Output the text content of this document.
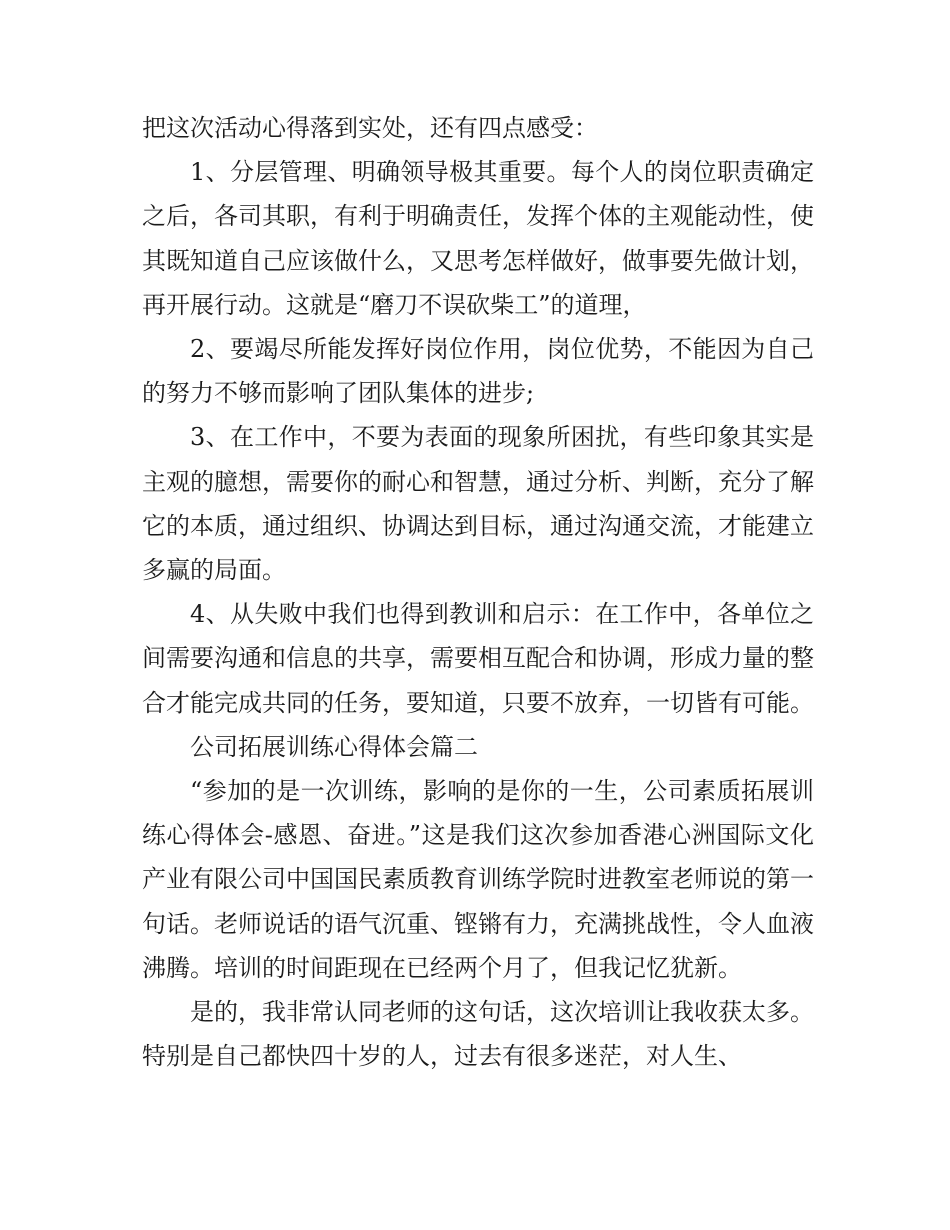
把这次活动心得落到实处，还有四点感受：

1、分层管理、明确领导极其重要。每个人的岗位职责确定之后，各司其职，有利于明确责任，发挥个体的主观能动性，使其既知道自己应该做什么，又思考怎样做好，做事要先做计划，再开展行动。这就是“磨刀不误砍柴工”的道理，

2、要竭尽所能发挥好岗位作用，岗位优势，不能因为自己的努力不够而影响了团队集体的进步;

3、在工作中，不要为表面的现象所困扰，有些印象其实是主观的臆想，需要你的耐心和智慧，通过分析、判断，充分了解它的本质，通过组织、协调达到目标，通过沟通交流，才能建立多赢的局面。

4、从失败中我们也得到教训和启示：在工作中，各单位之间需要沟通和信息的共享，需要相互配合和协调，形成力量的整合才能完成共同的任务，要知道，只要不放弃，一切皆有可能。

公司拓展训练心得体会篇二

“参加的是一次训练，影响的是你的一生，公司素质拓展训练心得体会-感恩、奋进。”这是我们这次参加香港心洲国际文化产业有限公司中国国民素质教育训练学院时进教室老师说的第一句话。老师说话的语气沉重、铿锵有力，充满挑战性，令人血液沸腾。培训的时间距现在已经两个月了，但我记忆犹新。

是的，我非常认同老师的这句话，这次培训让我收获太多。特别是自己都快四十岁的人，过去有很多迷茫，对人生、
